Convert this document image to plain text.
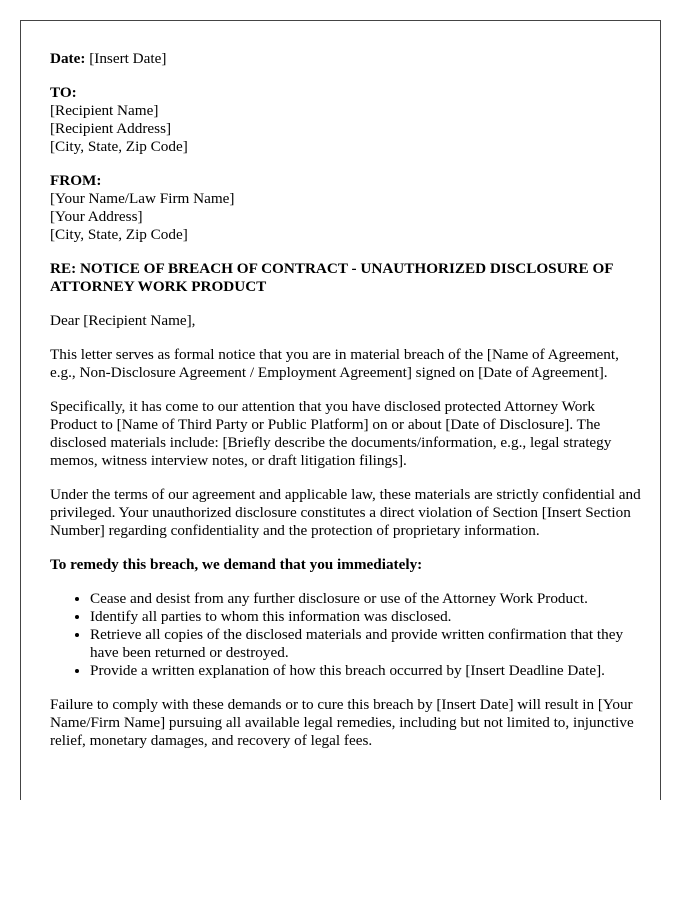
Date: [Insert Date]
TO:
[Recipient Name]
[Recipient Address]
[City, State, Zip Code]
FROM:
[Your Name/Law Firm Name]
[Your Address]
[City, State, Zip Code]
RE: NOTICE OF BREACH OF CONTRACT - UNAUTHORIZED DISCLOSURE OF ATTORNEY WORK PRODUCT
Dear [Recipient Name],
This letter serves as formal notice that you are in material breach of the [Name of Agreement, e.g., Non-Disclosure Agreement / Employment Agreement] signed on [Date of Agreement].
Specifically, it has come to our attention that you have disclosed protected Attorney Work Product to [Name of Third Party or Public Platform] on or about [Date of Disclosure]. The disclosed materials include: [Briefly describe the documents/information, e.g., legal strategy memos, witness interview notes, or draft litigation filings].
Under the terms of our agreement and applicable law, these materials are strictly confidential and privileged. Your unauthorized disclosure constitutes a direct violation of Section [Insert Section Number] regarding confidentiality and the protection of proprietary information.
To remedy this breach, we demand that you immediately:
• Cease and desist from any further disclosure or use of the Attorney Work Product.
• Identify all parties to whom this information was disclosed.
• Retrieve all copies of the disclosed materials and provide written confirmation that they have been returned or destroyed.
• Provide a written explanation of how this breach occurred by [Insert Deadline Date].
Failure to comply with these demands or to cure this breach by [Insert Date] will result in [Your Name/Firm Name] pursuing all available legal remedies, including but not limited to, injunctive relief, monetary damages, and recovery of legal fees.
